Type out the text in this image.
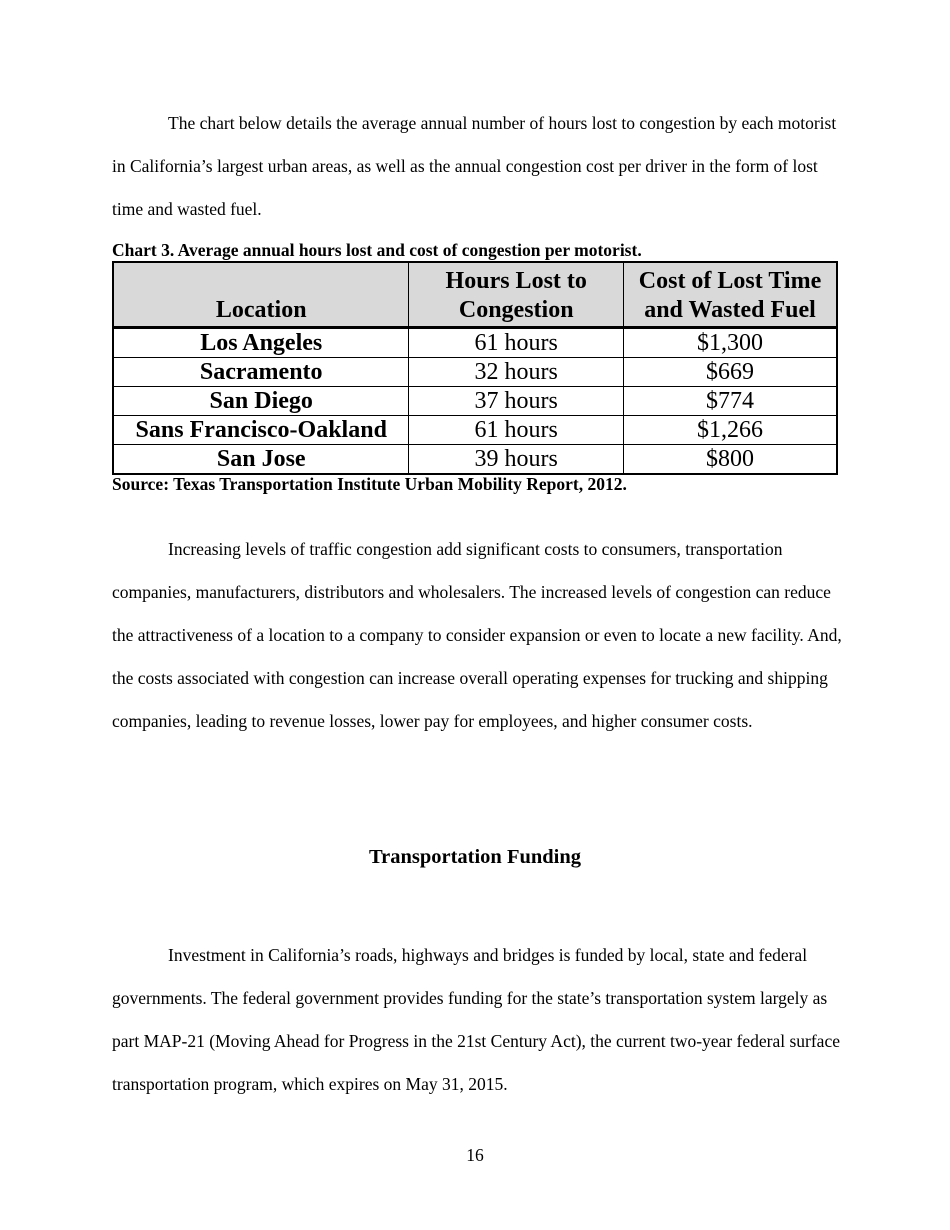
The chart below details the average annual number of hours lost to congestion by each motorist in California’s largest urban areas, as well as the annual congestion cost per driver in the form of lost time and wasted fuel.

Chart 3. Average annual hours lost and cost of congestion per motorist.
Location	Hours Lost to Congestion	Cost of Lost Time and Wasted Fuel
Los Angeles	61 hours	$1,300
Sacramento	32 hours	$669
San Diego	37 hours	$774
Sans Francisco-Oakland	61 hours	$1,266
San Jose	39 hours	$800
Source: Texas Transportation Institute Urban Mobility Report, 2012.

Increasing levels of traffic congestion add significant costs to consumers, transportation companies, manufacturers, distributors and wholesalers. The increased levels of congestion can reduce the attractiveness of a location to a company to consider expansion or even to locate a new facility. And, the costs associated with congestion can increase overall operating expenses for trucking and shipping companies, leading to revenue losses, lower pay for employees, and higher consumer costs.

Transportation Funding

Investment in California’s roads, highways and bridges is funded by local, state and federal governments. The federal government provides funding for the state’s transportation system largely as part MAP-21 (Moving Ahead for Progress in the 21st Century Act), the current two-year federal surface transportation program, which expires on May 31, 2015.

16
